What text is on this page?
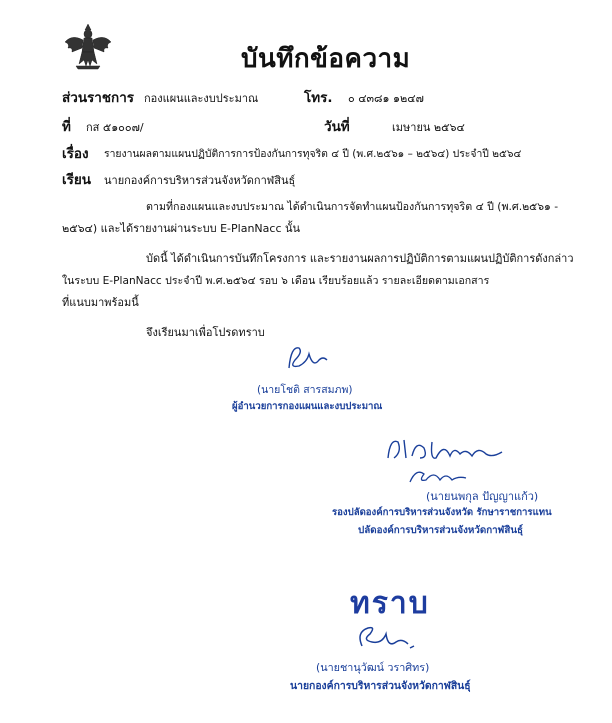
บันทึกข้อความ
ส่วนราชการ กองแผนและงบประมาณ	โทร. ๐ ๔๓๘๑ ๑๒๔๗
ที่ กส ๕๑๐๐๗/	วันที่	เมษายน ๒๕๖๔
เรื่อง รายงานผลตามแผนปฏิบัติการการป้องกันการทุจริต ๔ ปี (พ.ศ.๒๕๖๑ – ๒๕๖๔) ประจำปี ๒๕๖๔
เรียน นายกองค์การบริหารส่วนจังหวัดกาฬสินธุ์
ตามที่กองแผนและงบประมาณ ได้ดำเนินการจัดทำแผนป้องกันการทุจริต ๔ ปี (พ.ศ.๒๕๖๑ -
๒๕๖๔) และได้รายงานผ่านระบบ E-PlanNacc นั้น
บัดนี้ ได้ดำเนินการบันทึกโครงการ และรายงานผลการปฏิบัติการตามแผนปฏิบัติการดังกล่าว
ในระบบ E-PlanNacc ประจำปี พ.ศ.๒๕๖๔ รอบ ๖ เดือน เรียบร้อยแล้ว รายละเอียดตามเอกสาร
ที่แนบมาพร้อมนี้
จึงเรียนมาเพื่อโปรดทราบ
(นายโชติ สารสมภพ)
ผู้อำนวยการกองแผนและงบประมาณ
(นายนพกุล ปัญญาแก้ว)
รองปลัดองค์การบริหารส่วนจังหวัด รักษาราชการแทน
ปลัดองค์การบริหารส่วนจังหวัดกาฬสินธุ์
ทราบ
(นายชานุวัฒน์ วราศิทร)
นายกองค์การบริหารส่วนจังหวัดกาฬสินธุ์
